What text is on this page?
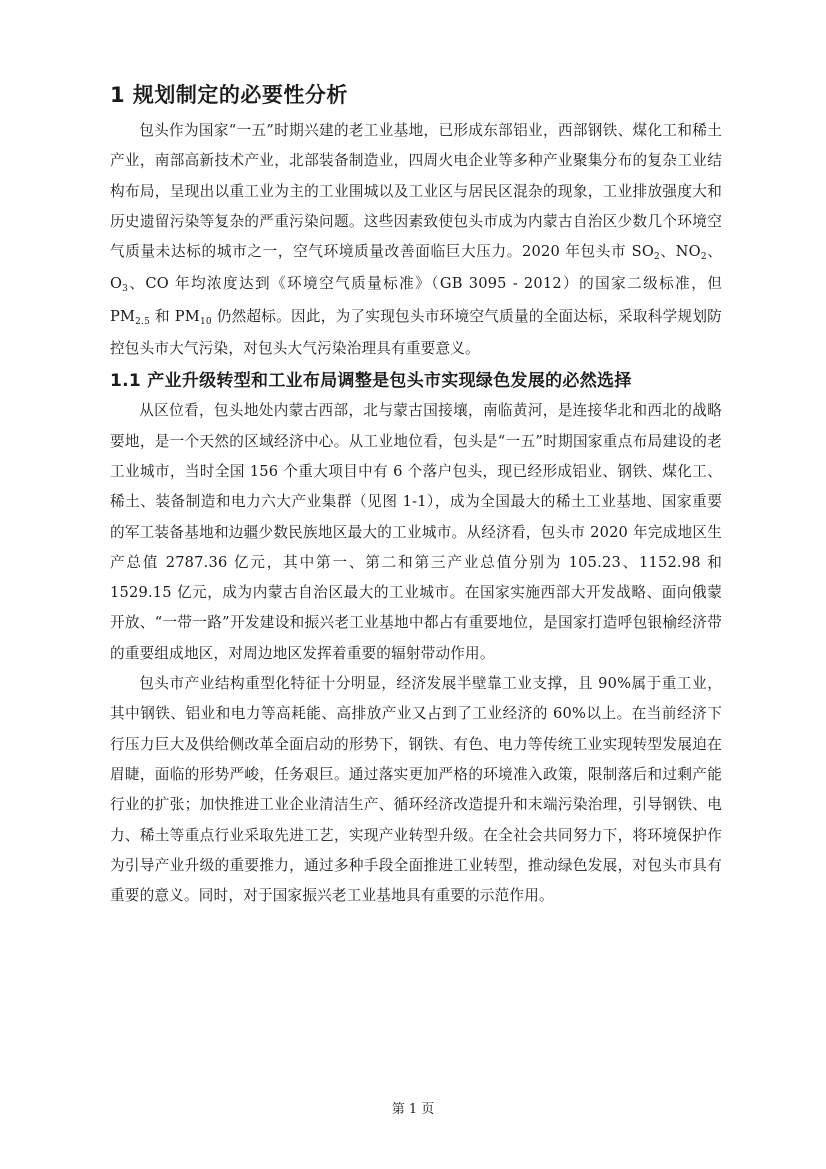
1 规划制定的必要性分析

包头作为国家“一五”时期兴建的老工业基地，已形成东部铝业，西部钢铁、煤化工和稀土产业，南部高新技术产业，北部装备制造业，四周火电企业等多种产业聚集分布的复杂工业结构布局，呈现出以重工业为主的工业围城以及工业区与居民区混杂的现象，工业排放强度大和历史遗留污染等复杂的严重污染问题。这些因素致使包头市成为内蒙古自治区少数几个环境空气质量未达标的城市之一，空气环境质量改善面临巨大压力。2020 年包头市 $SO_2$、$NO_2$、$O_3$、CO 年均浓度达到《环境空气质量标准》（GB 3095 - 2012）的国家二级标准，但 $PM_{2.5}$ 和 $PM_{10}$ 仍然超标。因此，为了实现包头市环境空气质量的全面达标，采取科学规划防控包头市大气污染，对包头大气污染治理具有重要意义。

1.1 产业升级转型和工业布局调整是包头市实现绿色发展的必然选择

从区位看，包头地处内蒙古西部，北与蒙古国接壤，南临黄河，是连接华北和西北的战略要地，是一个天然的区域经济中心。从工业地位看，包头是“一五”时期国家重点布局建设的老工业城市，当时全国 156 个重大项目中有 6 个落户包头，现已经形成铝业、钢铁、煤化工、稀土、装备制造和电力六大产业集群（见图 1-1），成为全国最大的稀土工业基地、国家重要的军工装备基地和边疆少数民族地区最大的工业城市。从经济看，包头市 2020 年完成地区生产总值 2787.36 亿元，其中第一、第二和第三产业总值分别为 105.23、1152.98 和 1529.15 亿元，成为内蒙古自治区最大的工业城市。在国家实施西部大开发战略、面向俄蒙开放、“一带一路”开发建设和振兴老工业基地中都占有重要地位，是国家打造呼包银榆经济带的重要组成地区，对周边地区发挥着重要的辐射带动作用。

包头市产业结构重型化特征十分明显，经济发展半壁靠工业支撑，且 90%属于重工业，其中钢铁、铝业和电力等高耗能、高排放产业又占到了工业经济的 60%以上。在当前经济下行压力巨大及供给侧改革全面启动的形势下，钢铁、有色、电力等传统工业实现转型发展迫在眉睫，面临的形势严峻，任务艰巨。通过落实更加严格的环境准入政策，限制落后和过剩产能行业的扩张；加快推进工业企业清洁生产、循环经济改造提升和末端污染治理，引导钢铁、电力、稀土等重点行业采取先进工艺，实现产业转型升级。在全社会共同努力下，将环境保护作为引导产业升级的重要推力，通过多种手段全面推进工业转型，推动绿色发展，对包头市具有重要的意义。同时，对于国家振兴老工业基地具有重要的示范作用。

第 1 页
